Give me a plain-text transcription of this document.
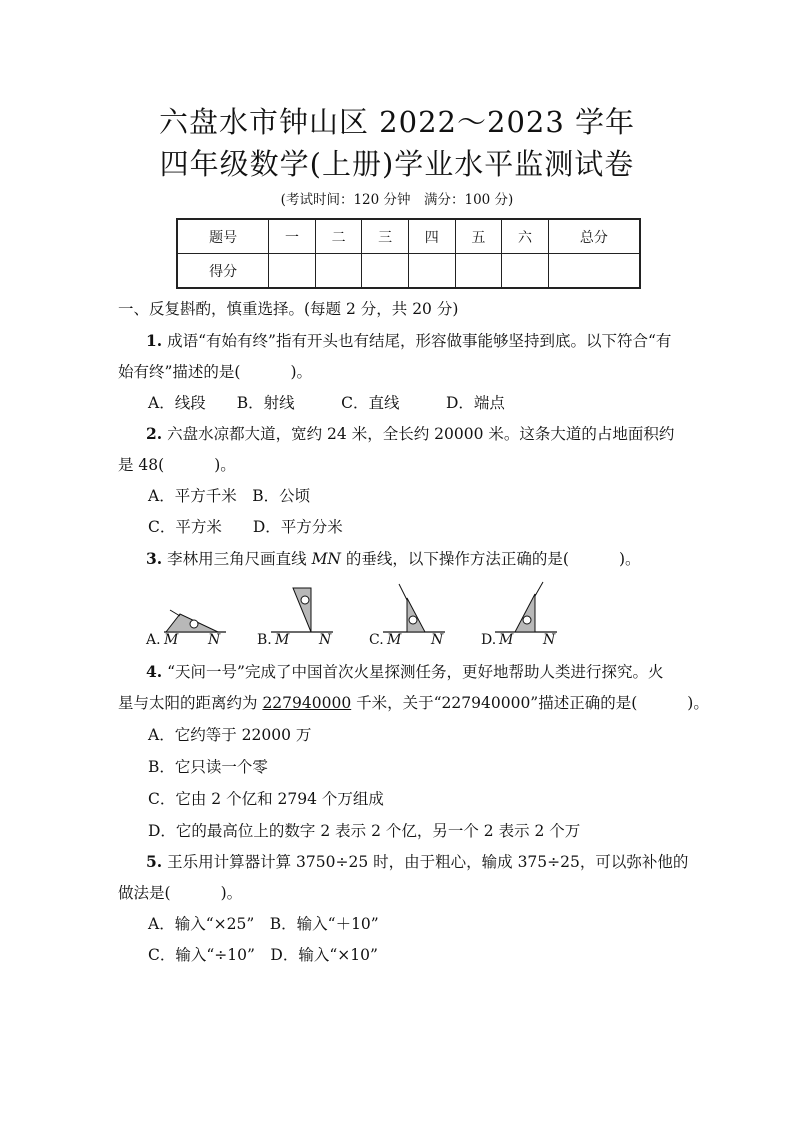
六盘水市钟山区 2022～2023 学年
四年级数学(上册)学业水平监测试卷
(考试时间：120 分钟　满分：100 分)
题号	一	二	三	四	五	六	总分
得分							
一、反复斟酌，慎重选择。(每题 2 分，共 20 分)
1. 成语“有始有终”指有开头也有结尾，形容做事能够坚持到底。以下符合“有
始有终”描述的是(	)。
A．线段　　B．射线　　　C．直线　　　D．端点
2. 六盘水凉都大道，宽约 24 米，全长约 20000 米。这条大道的占地面积约
是 48(	)。
A．平方千米　B．公顷
C．平方米　　D．平方分米
3. 李林用三角尺画直线 MN 的垂线，以下操作方法正确的是(	)。
A. M N	B. M N	C. M N	D. M N
4. “天问一号”完成了中国首次火星探测任务，更好地帮助人类进行探究。火
星与太阳的距离约为 227940000 千米，关于“227940000”描述正确的是(	)。
A．它约等于 22000 万
B．它只读一个零
C．它由 2 个亿和 2794 个万组成
D．它的最高位上的数字 2 表示 2 个亿，另一个 2 表示 2 个万
5. 王乐用计算器计算 3750÷25 时，由于粗心，输成 375÷25，可以弥补他的
做法是(	)。
A．输入“×25”　B．输入“＋10”
C．输入“÷10”　D．输入“×10”
